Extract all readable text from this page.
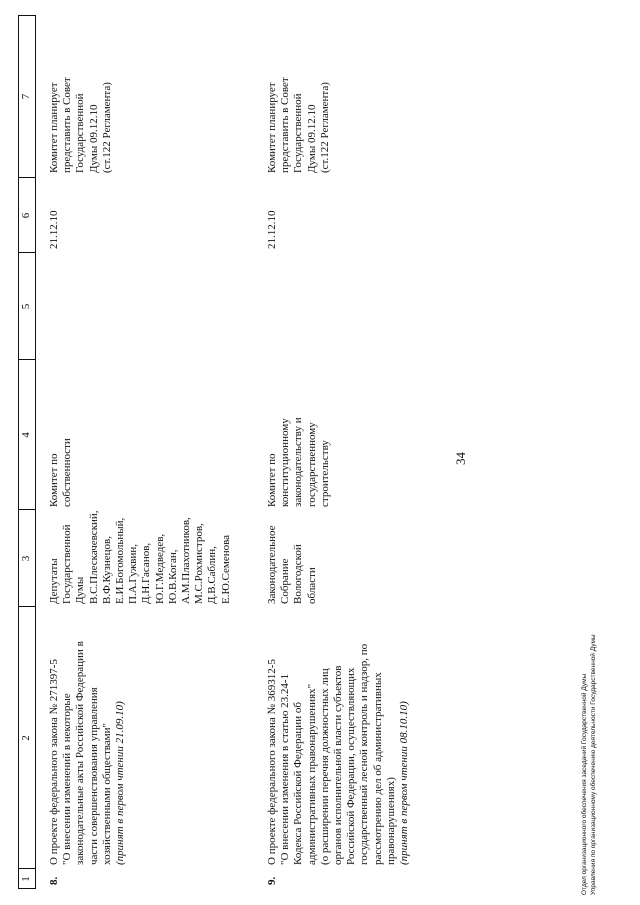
34
1
2
3
4
5
6
7
8.
О проекте федерального закона № 271397-5 "О внесении изменений в некоторые законодательные акты Российской Федерации в части совершенствования управления хозяйственными обществами" (принят в первом чтении 21.09.10)
Депутаты Государственной Думы В.С.Плескачевский, В.Ф.Кузнецов, Е.И.Богомольный, П.А.Гужвин, Д.Н.Гасанов, Ю.Г.Медведев, Ю.В.Коган, А.М.Плахотников, М.С.Рохмистров, Д.В.Саблин, Е.Ю.Семенова
Комитет по собственности
21.12.10
Комитет планирует представить в Совет Государственной Думы 09.12.10 (ст.122 Регламента)
9.
О проекте федерального закона № 369312-5 "О внесении изменения в статью 23.24-1 Кодекса Российской Федерации об административных правонарушениях" (о расширении перечня должностных лиц органов исполнительной власти субъектов Российской Федерации, осуществляющих государственный лесной контроль и надзор, по рассмотрению дел об административных правонарушениях) (принят в первом чтении 08.10.10)
Законодательное Собрание Вологодской области
Комитет по конституционному законодательству и государственному строительству
21.12.10
Комитет планирует представить в Совет Государственной Думы 09.12.10 (ст.122 Регламента)
Отдел организационного обеспечения заседаний Государственной Думы Управления по организационному обеспечению деятельности Государственной Думы
